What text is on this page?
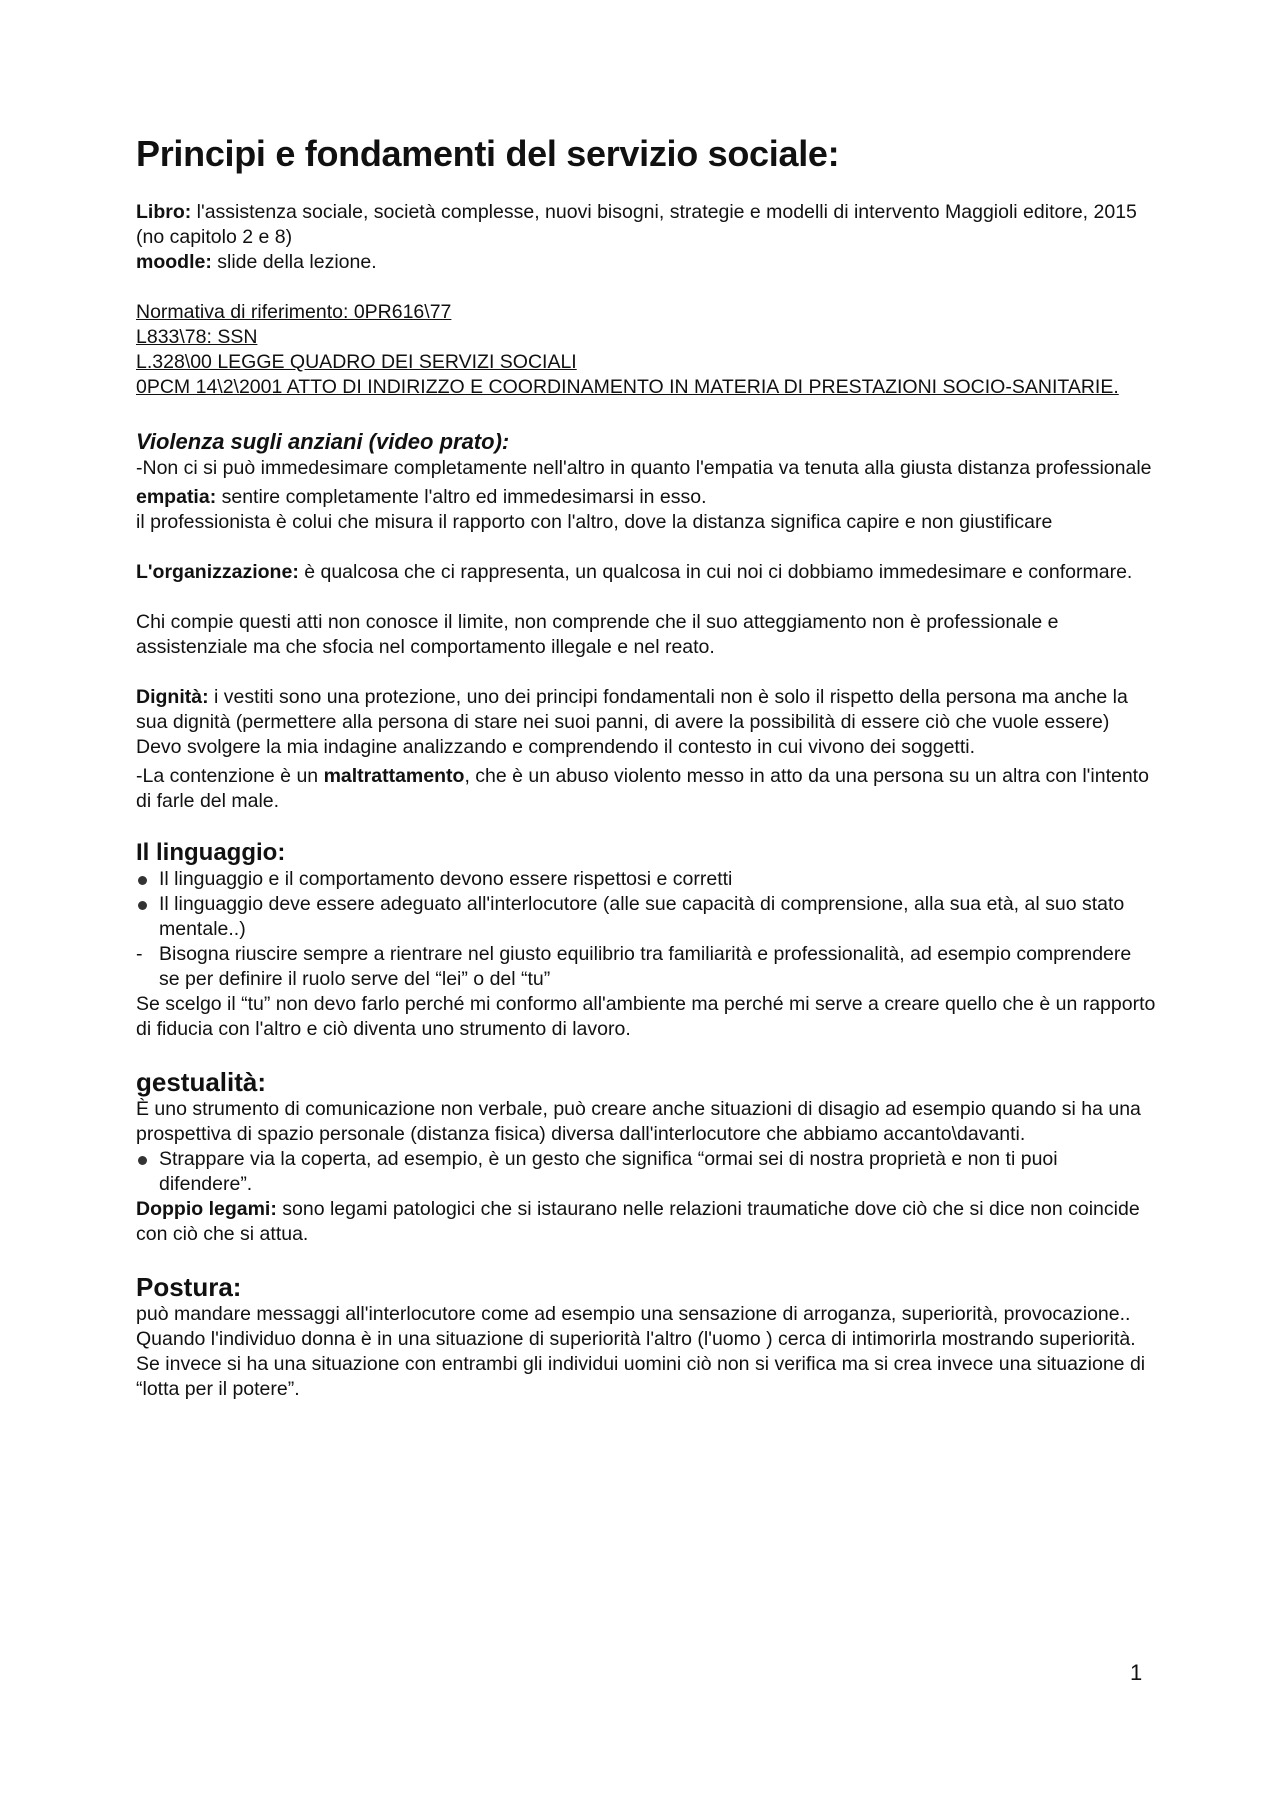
Principi e fondamenti del servizio sociale:

Libro: l'assistenza sociale, società complesse, nuovi bisogni, strategie e modelli di intervento Maggioli editore, 2015 (no capitolo 2 e 8)

moodle: slide della lezione.

Normativa di riferimento: 0PR616\77

L833\78: SSN

L.328\00 LEGGE QUADRO DEI SERVIZI SOCIALI

0PCM 14\2\2001 ATTO DI INDIRIZZO E COORDINAMENTO IN MATERIA DI PRESTAZIONI SOCIO-SANITARIE.

Violenza sugli anziani (video prato):

-Non ci si può immedesimare completamente nell'altro in quanto l'empatia va tenuta alla giusta distanza professionale

empatia: sentire completamente l'altro ed immedesimarsi in esso.

il professionista è colui che misura il rapporto con l'altro, dove la distanza significa capire e non giustificare

L'organizzazione: è qualcosa che ci rappresenta, un qualcosa in cui noi ci dobbiamo immedesimare e conformare.

Chi compie questi atti non conosce il limite, non comprende che il suo atteggiamento non è professionale e assistenziale ma che sfocia nel comportamento illegale e nel reato.

Dignità: i vestiti sono una protezione, uno dei principi fondamentali non è solo il rispetto della persona ma anche la sua dignità (permettere alla persona di stare nei suoi panni, di avere la possibilità di essere ciò che vuole essere)

Devo svolgere la mia indagine analizzando e comprendendo il contesto in cui vivono dei soggetti.

-La contenzione è un maltrattamento, che è un abuso violento messo in atto da una persona su un altra con l'intento di farle del male.

Il linguaggio:
Il linguaggio e il comportamento devono essere rispettosi e corretti
Il linguaggio deve essere adeguato all'interlocutore (alle sue capacità di comprensione, alla sua età, al suo stato mentale..)
- Bisogna riuscire sempre a rientrare nel giusto equilibrio tra familiarità e professionalità, ad esempio comprendere se per definire il ruolo serve del “lei” o del “tu”

Se scelgo il “tu” non devo farlo perché mi conformo all'ambiente ma perché mi serve a creare quello che è un rapporto di fiducia con l'altro e ciò diventa uno strumento di lavoro.

gestualità:

È uno strumento di comunicazione non verbale, può creare anche situazioni di disagio ad esempio quando si ha una prospettiva di spazio personale (distanza fisica) diversa dall'interlocutore che abbiamo accanto\davanti.

Strappare via la coperta, ad esempio, è un gesto che significa “ormai sei di nostra proprietà e non ti puoi difendere”.

Doppio legami: sono legami patologici che si istaurano nelle relazioni traumatiche dove ciò che si dice non coincide con ciò che si attua.

Postura:

può mandare messaggi all'interlocutore come ad esempio una sensazione di arroganza, superiorità, provocazione..

Quando l'individuo donna è in una situazione di superiorità l'altro (l'uomo ) cerca di intimorirla mostrando superiorità.

Se invece si ha una situazione con entrambi gli individui uomini ciò non si verifica ma si crea invece una situazione di “lotta per il potere”.

1
